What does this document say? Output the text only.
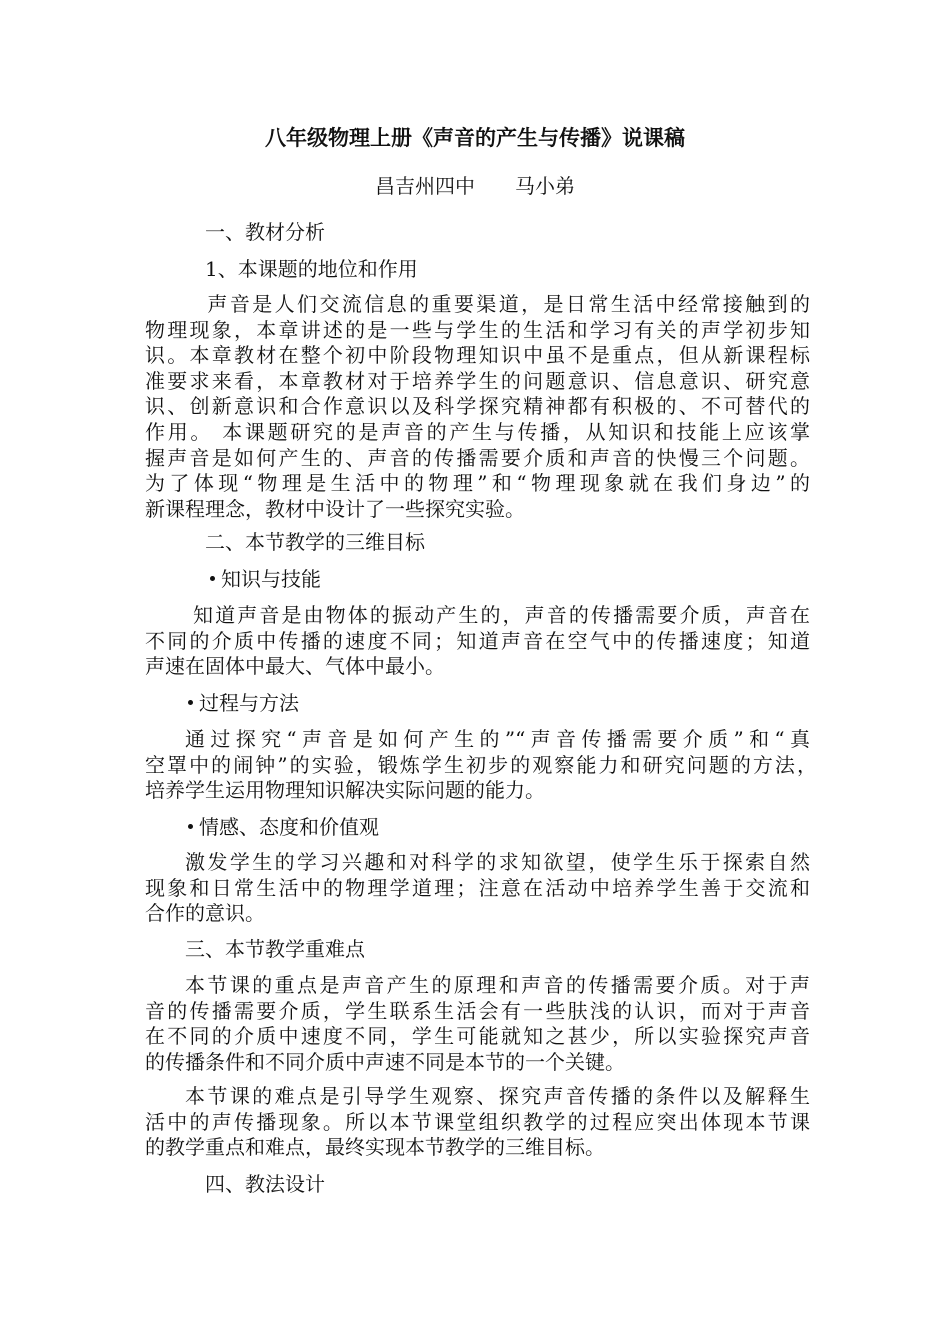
八年级物理上册《声音的产生与传播》说课稿
昌吉州四中 马小弟
一、教材分析
1、本课题的地位和作用
　声音是人们交流信息的重要渠道，是日常生活中经常接触到的
物理现象，本章讲述的是一些与学生的生活和学习有关的声学初步知
识。本章教材在整个初中阶段物理知识中虽不是重点，但从新课程标
准要求来看，本章教材对于培养学生的问题意识、信息意识、研究意
识、创新意识和合作意识以及科学探究精神都有积极的、不可替代的
作用。 本课题研究的是声音的产生与传播，从知识和技能上应该掌
握声音是如何产生的、声音的传播需要介质和声音的快慢三个问题。
为了体现“物理是生活中的物理”和“物理现象就在我们身边”的
新课程理念，教材中设计了一些探究实验。
二、本节教学的三维目标
知识与技能
知道声音是由物体的振动产生的，声音的传播需要介质，声音在
不同的介质中传播的速度不同；知道声音在空气中的传播速度；知道
声速在固体中最大、气体中最小。
过程与方法
通过探究“声音是如何产生的”“声音传播需要介质”和“真
空罩中的闹钟”的实验，锻炼学生初步的观察能力和研究问题的方法，
培养学生运用物理知识解决实际问题的能力。
情感、态度和价值观
激发学生的学习兴趣和对科学的求知欲望，使学生乐于探索自然
现象和日常生活中的物理学道理；注意在活动中培养学生善于交流和
合作的意识。
三、本节教学重难点
本节课的重点是声音产生的原理和声音的传播需要介质。对于声
音的传播需要介质，学生联系生活会有一些肤浅的认识，而对于声音
在不同的介质中速度不同，学生可能就知之甚少，所以实验探究声音
的传播条件和不同介质中声速不同是本节的一个关键。
本节课的难点是引导学生观察、探究声音传播的条件以及解释生
活中的声传播现象。所以本节课堂组织教学的过程应突出体现本节课
的教学重点和难点，最终实现本节教学的三维目标。
四、教法设计
